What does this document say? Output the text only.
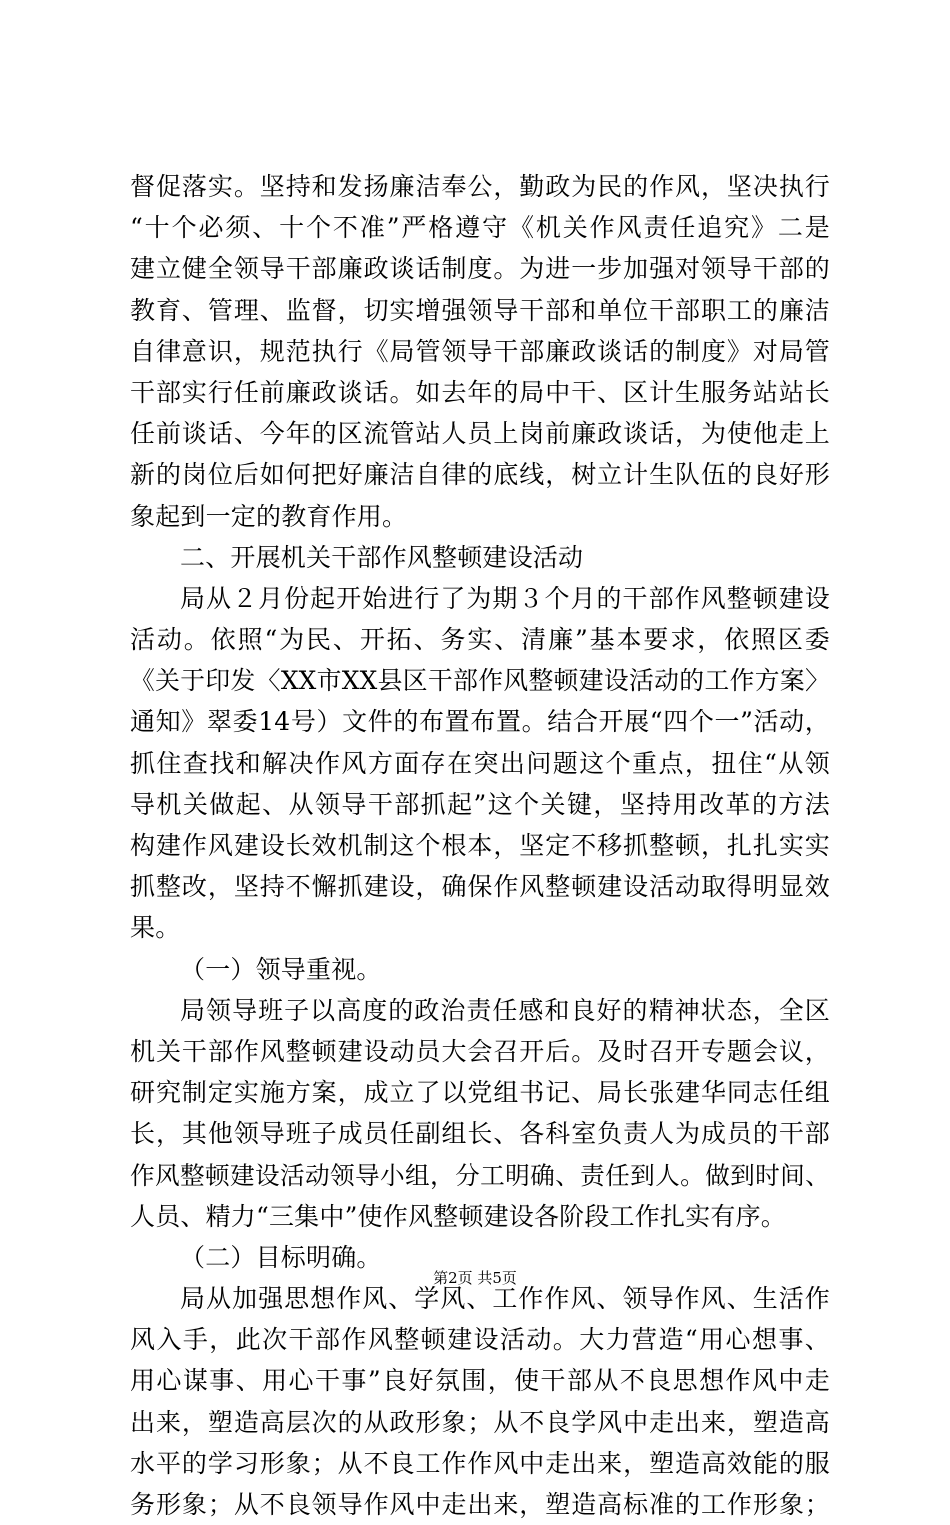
督促落实。坚持和发扬廉洁奉公，勤政为民的作风，坚决执行
“十个必须、十个不准”严格遵守《机关作风责任追究》二是
建立健全领导干部廉政谈话制度。为进一步加强对领导干部的
教育、管理、监督，切实增强领导干部和单位干部职工的廉洁
自律意识，规范执行《局管领导干部廉政谈话的制度》对局管
干部实行任前廉政谈话。如去年的局中干、区计生服务站站长
任前谈话、今年的区流管站人员上岗前廉政谈话，为使他走上
新的岗位后如何把好廉洁自律的底线，树立计生队伍的良好形
象起到一定的教育作用。
二、开展机关干部作风整顿建设活动
局从２月份起开始进行了为期３个月的干部作风整顿建设
活动。依照“为民、开拓、务实、清廉”基本要求，依照区委
《关于印发〈XX市XX县区干部作风整顿建设活动的工作方案〉
通知》翠委14号）文件的布置布置。结合开展“四个一”活动，
抓住查找和解决作风方面存在突出问题这个重点，扭住“从领
导机关做起、从领导干部抓起”这个关键，坚持用改革的方法
构建作风建设长效机制这个根本，坚定不移抓整顿，扎扎实实
抓整改，坚持不懈抓建设，确保作风整顿建设活动取得明显效
果。
（一）领导重视。
局领导班子以高度的政治责任感和良好的精神状态，全区
机关干部作风整顿建设动员大会召开后。及时召开专题会议，
研究制定实施方案，成立了以党组书记、局长张建华同志任组
长，其他领导班子成员任副组长、各科室负责人为成员的干部
作风整顿建设活动领导小组，分工明确、责任到人。做到时间、
人员、精力“三集中”使作风整顿建设各阶段工作扎实有序。
（二）目标明确。
局从加强思想作风、学风、工作作风、领导作风、生活作
风入手，此次干部作风整顿建设活动。大力营造“用心想事、
用心谋事、用心干事”良好氛围，使干部从不良思想作风中走
出来，塑造高层次的从政形象；从不良学风中走出来，塑造高
水平的学习形象；从不良工作作风中走出来，塑造高效能的服
务形象；从不良领导作风中走出来，塑造高标准的工作形象；
第2页 共5页
